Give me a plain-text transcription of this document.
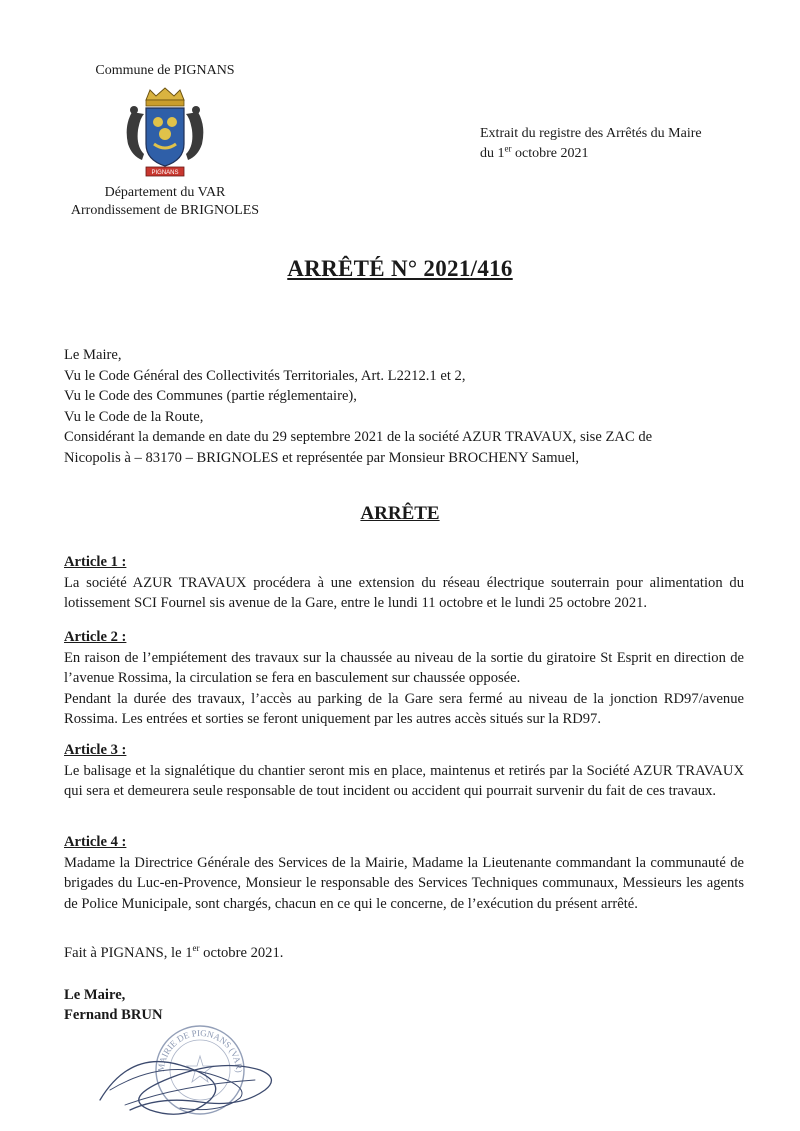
Commune de PIGNANS
PIGNANS
Département du VAR
Arrondissement de BRIGNOLES
Extrait du registre des Arrêtés du Maire
du 1er octobre 2021
ARRÊTÉ N° 2021/416
Le Maire,
Vu le Code Général des Collectivités Territoriales, Art. L2212.1 et 2,
Vu le Code des Communes (partie réglementaire),
Vu le Code de la Route,
Considérant la demande en date du 29 septembre 2021 de la société AZUR TRAVAUX, sise ZAC de
Nicopolis à – 83170 – BRIGNOLES et représentée par Monsieur BROCHENY Samuel,
ARRÊTE
Article 1 :
La société AZUR TRAVAUX procédera à une extension du réseau électrique souterrain pour alimentation du lotissement SCI Fournel sis avenue de la Gare, entre le lundi 11 octobre et le lundi 25 octobre 2021.
Article 2 :
En raison de l’empiétement des travaux sur la chaussée au niveau de la sortie du giratoire St Esprit en direction de l’avenue Rossima, la circulation se fera en basculement sur chaussée opposée.
Pendant la durée des travaux, l’accès au parking de la Gare sera fermé au niveau de la jonction RD97/avenue Rossima. Les entrées et sorties se feront uniquement par les autres accès situés sur la RD97.
Article 3 :
Le balisage et la signalétique du chantier seront mis en place, maintenus et retirés par la Société AZUR TRAVAUX qui sera et demeurera seule responsable de tout incident ou accident qui pourrait survenir du fait de ces travaux.
Article 4 :
Madame la Directrice Générale des Services de la Mairie, Madame la Lieutenante commandant la communauté de brigades du Luc-en-Provence, Monsieur le responsable des Services Techniques communaux, Messieurs les agents de Police Municipale, sont chargés, chacun en ce qui le concerne, de l’exécution du présent arrêté.
Fait à PIGNANS, le 1er octobre 2021.
Le Maire,
Fernand BRUN
MAIRIE DE PIGNANS (VAR)
